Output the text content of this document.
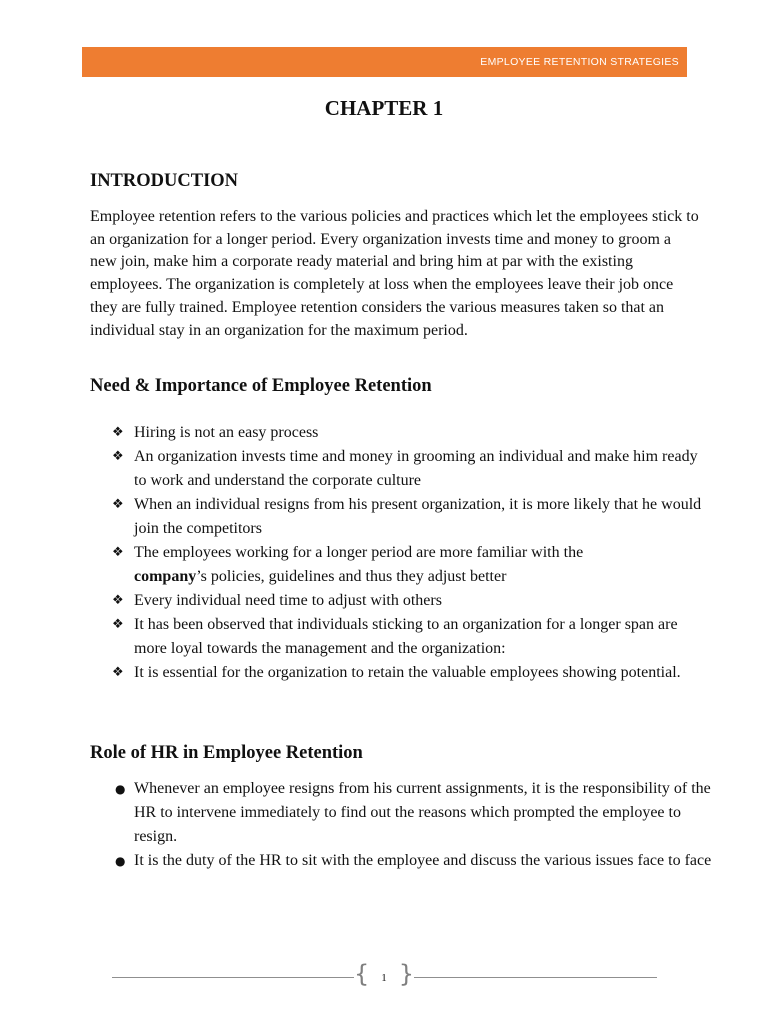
EMPLOYEE RETENTION STRATEGIES
CHAPTER 1
INTRODUCTION

Employee retention refers to the various policies and practices which let the employees stick to an organization for a longer period. Every organization invests time and money to groom a new join, make him a corporate ready material and bring him at par with the existing employees. The organization is completely at loss when the employees leave their job once they are fully trained. Employee retention considers the various measures taken so that an individual stay in an organization for the maximum period.

Need & Importance of Employee Retention
❖ Hiring is not an easy process
❖ An organization invests time and money in grooming an individual and make him ready to work and understand the corporate culture
❖ When an individual resigns from his present organization, it is more likely that he would join the competitors
❖ The employees working for a longer period are more familiar with the
company’s policies, guidelines and thus they adjust better
❖ Every individual need time to adjust with others
❖ It has been observed that individuals sticking to an organization for a longer span are more loyal towards the management and the organization:
❖ It is essential for the organization to retain the valuable employees showing potential.
Role of HR in Employee Retention
● Whenever an employee resigns from his current assignments, it is the responsibility of the HR to intervene immediately to find out the reasons which prompted the employee to resign.
● It is the duty of the HR to sit with the employee and discuss the various issues face to face
{	1 }
